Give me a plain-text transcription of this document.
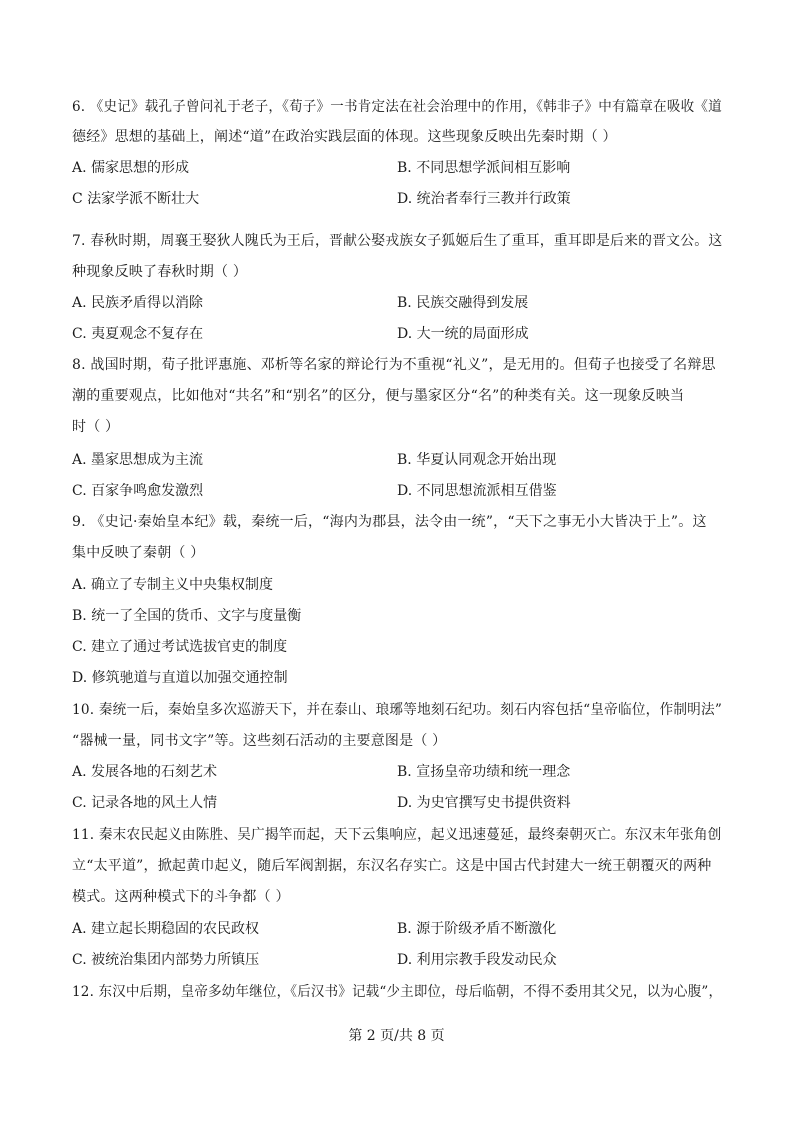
6. 《史记》载孔子曾问礼于老子，《荀子》一书肯定法在社会治理中的作用，《韩非子》中有篇章在吸收《道
德经》思想的基础上，阐述“道”在政治实践层面的体现。这些现象反映出先秦时期（ ）
A. 儒家思想的形成	B. 不同思想学派间相互影响
C 法家学派不断壮大	D. 统治者奉行三教并行政策
7. 春秋时期，周襄王娶狄人隗氏为王后，晋献公娶戎族女子狐姬后生了重耳，重耳即是后来的晋文公。这
种现象反映了春秋时期（ ）
A. 民族矛盾得以消除	B. 民族交融得到发展
C. 夷夏观念不复存在	D. 大一统的局面形成
8. 战国时期，荀子批评惠施、邓析等名家的辩论行为不重视“礼义”，是无用的。但荀子也接受了名辩思
潮的重要观点，比如他对“共名”和“别名”的区分，便与墨家区分“名”的种类有关。这一现象反映当
时（ ）
A. 墨家思想成为主流	B. 华夏认同观念开始出现
C. 百家争鸣愈发激烈	D. 不同思想流派相互借鉴
9. 《史记·秦始皇本纪》载，秦统一后，“海内为郡县，法令由一统”，“天下之事无小大皆决于上”。这
集中反映了秦朝（ ）
A. 确立了专制主义中央集权制度
B. 统一了全国的货币、文字与度量衡
C. 建立了通过考试选拔官吏的制度
D. 修筑驰道与直道以加强交通控制
10. 秦统一后，秦始皇多次巡游天下，并在泰山、琅琊等地刻石纪功。刻石内容包括“皇帝临位，作制明法”
“器械一量，同书文字”等。这些刻石活动的主要意图是（ ）
A. 发展各地的石刻艺术	B. 宣扬皇帝功绩和统一理念
C. 记录各地的风土人情	D. 为史官撰写史书提供资料
11. 秦末农民起义由陈胜、吴广揭竿而起，天下云集响应，起义迅速蔓延，最终秦朝灭亡。东汉末年张角创
立“太平道”，掀起黄巾起义，随后军阀割据，东汉名存实亡。这是中国古代封建大一统王朝覆灭的两种
模式。这两种模式下的斗争都（ ）
A. 建立起长期稳固的农民政权	B. 源于阶级矛盾不断激化
C. 被统治集团内部势力所镇压	D. 利用宗教手段发动民众
12. 东汉中后期，皇帝多幼年继位，《后汉书》记载“少主即位，母后临朝，不得不委用其父兄，以为心腹”，
第 2 页/共 8 页
